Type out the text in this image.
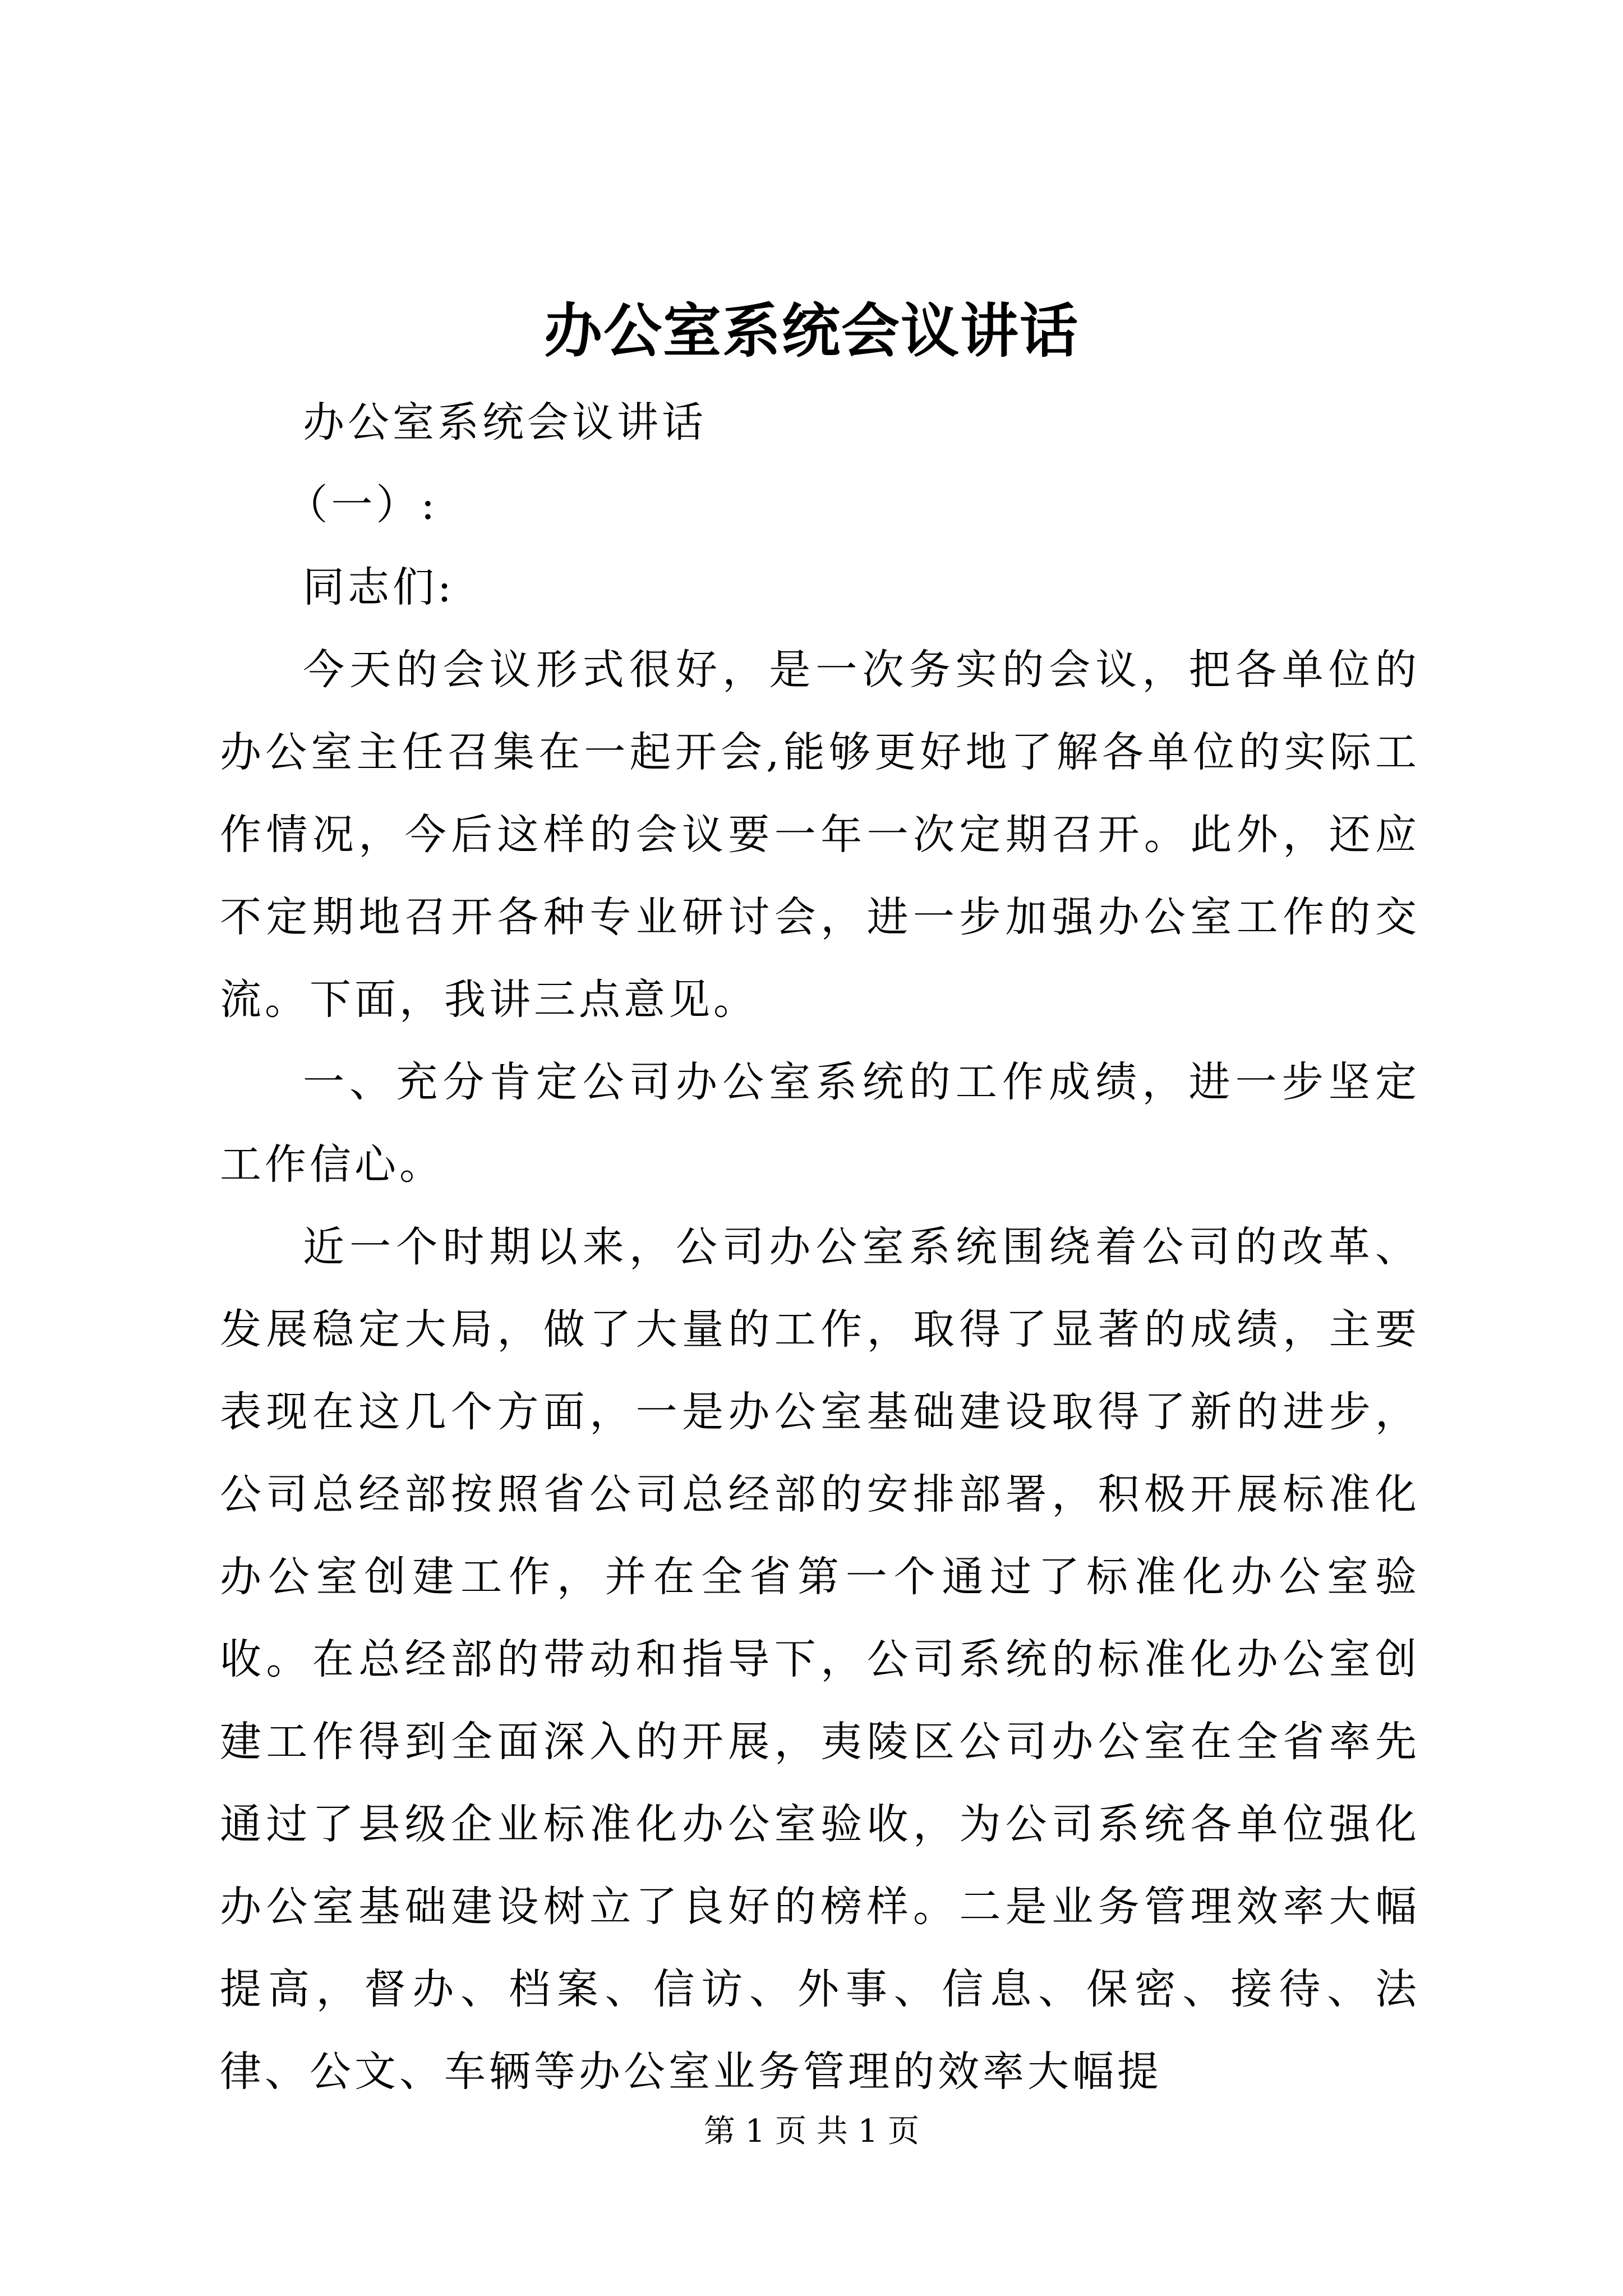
办公室系统会议讲话

办公室系统会议讲话

（一）:

同志们:

今天的会议形式很好，是一次务实的会议，把各单位的办公室主任召集在一起开会,能够更好地了解各单位的实际工作情况，今后这样的会议要一年一次定期召开。此外，还应不定期地召开各种专业研讨会，进一步加强办公室工作的交流。下面，我讲三点意见。

一、充分肯定公司办公室系统的工作成绩，进一步坚定工作信心。

近一个时期以来，公司办公室系统围绕着公司的改革、发展稳定大局，做了大量的工作，取得了显著的成绩，主要表现在这几个方面，一是办公室基础建设取得了新的进步，公司总经部按照省公司总经部的安排部署，积极开展标准化办公室创建工作，并在全省第一个通过了标准化办公室验收。在总经部的带动和指导下，公司系统的标准化办公室创建工作得到全面深入的开展，夷陵区公司办公室在全省率先通过了县级企业标准化办公室验收，为公司系统各单位强化办公室基础建设树立了良好的榜样。二是业务管理效率大幅提高，督办、档案、信访、外事、信息、保密、接待、法律、公文、车辆等办公室业务管理的效率大幅提

第 1 页 共 1 页
